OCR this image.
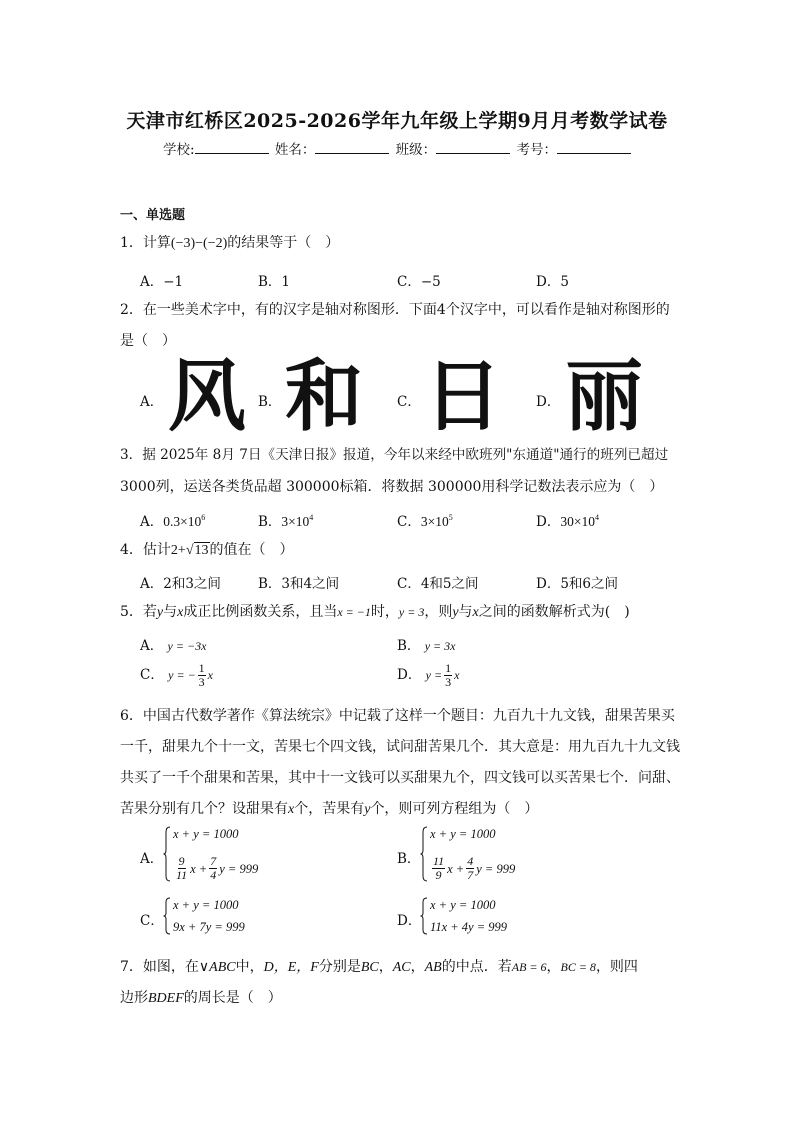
天津市红桥区2025-2026学年九年级上学期9月月考数学试卷
学校:	姓名：	班级：	考号：
一、单选题
1．计算(−3)−(−2)的结果等于（　）
A．−1	B．1	C．−5	D．5
2．在一些美术字中，有的汉字是轴对称图形．下面4个汉字中，可以看作是轴对称图形的
是（　）
A． 风 B． 和	C． 日	D． 丽
3．据 2025年 8月 7日《天津日报》报道，今年以来经中欧班列"东通道"通行的班列已超过
3000列，运送各类货品超 300000标箱．将数据 300000用科学记数法表示应为（　）
A．$0.3\times 10^6$	B．$3\times 10^4$	C．$3\times 10^5$	D．$30\times 10^4$
4．估计2+√13的值在（　）
A．2和3之间	B．3和4之间	C．4和5之间	D．5和6之间
5．若y与x成正比例函数关系，且当x = −1时，y = 3，则y与x之间的函数解析式为(　)
A． y = −3x	B． y = 3x
C． y = − $\frac{1}{3}$ x	D． $y = \frac{1}{3}$ x
6．中国古代数学著作《算法统宗》中记载了这样一个题目：九百九十九文钱，甜果苦果买
一千，甜果九个十一文，苦果七个四文钱，试问甜苦果几个．其大意是：用九百九十九文钱
共买了一千个甜果和苦果，其中十一文钱可以买甜果九个，四文钱可以买苦果七个．问甜、
苦果分别有几个？设甜果有x个，苦果有y个，则可列方程组为（　）
A．
x + y = 1000
$\frac{9}{11}$ $x + \frac{7}{4}$ y = 999
B．
x + y = 1000
$\frac{11}{9}$ $x + \frac{4}{7}$ y = 999
C．
x + y = 1000
9x + 7y = 999	D．
x + y = 1000
11x + 4y = 999
7．如图，在∨ABC中，D，E，F分别是BC，AC，AB的中点．若AB = 6，BC = 8，则四
边形BDEF的周长是（　）
